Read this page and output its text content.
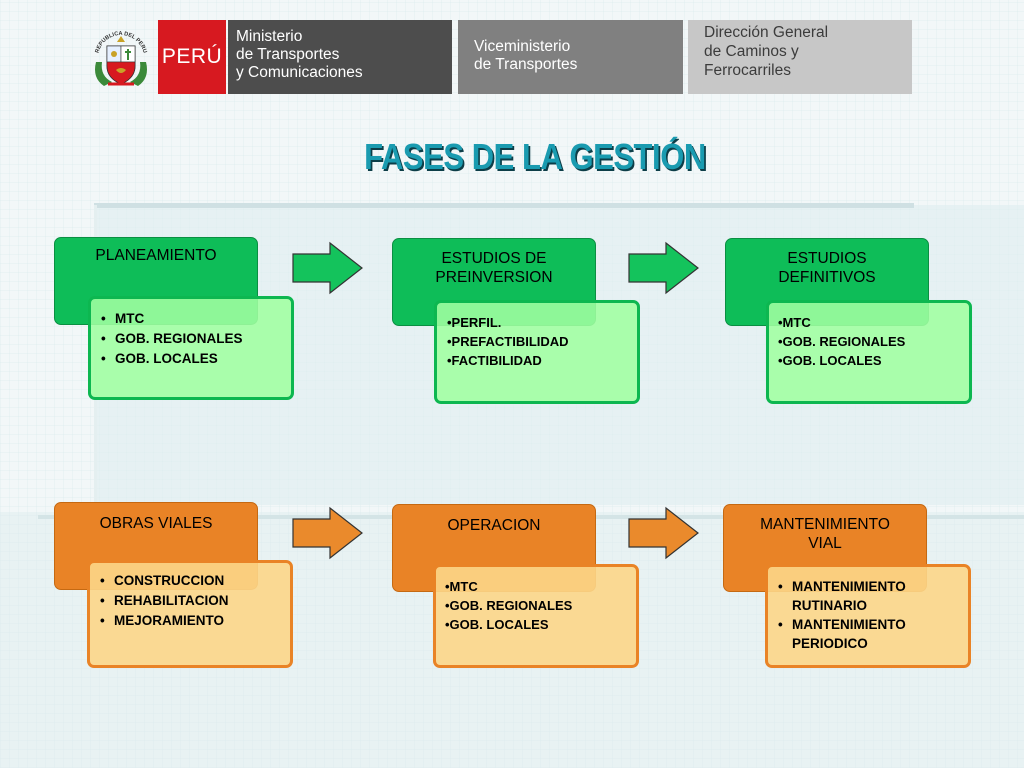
REPUBLICA DEL PERU PERÚ
Ministerio
de Transportes
y Comunicaciones
Viceministerio
de Transportes
Dirección General
de Caminos y
Ferrocarriles
FASES DE LA GESTIÓN
PLANEAMIENTO
• MTC
• GOB. REGIONALES
• GOB. LOCALES
ESTUDIOS DE
PREINVERSION
•PERFIL.
•PREFACTIBILIDAD
•FACTIBILIDAD
ESTUDIOS
DEFINITIVOS
•MTC
•GOB. REGIONALES
•GOB. LOCALES
OBRAS VIALES
• CONSTRUCCION
• REHABILITACION
• MEJORAMIENTO
OPERACION
•MTC
•GOB. REGIONALES
•GOB. LOCALES
MANTENIMIENTO
VIAL
• MANTENIMIENTO RUTINARIO
• MANTENIMIENTO PERIODICO
